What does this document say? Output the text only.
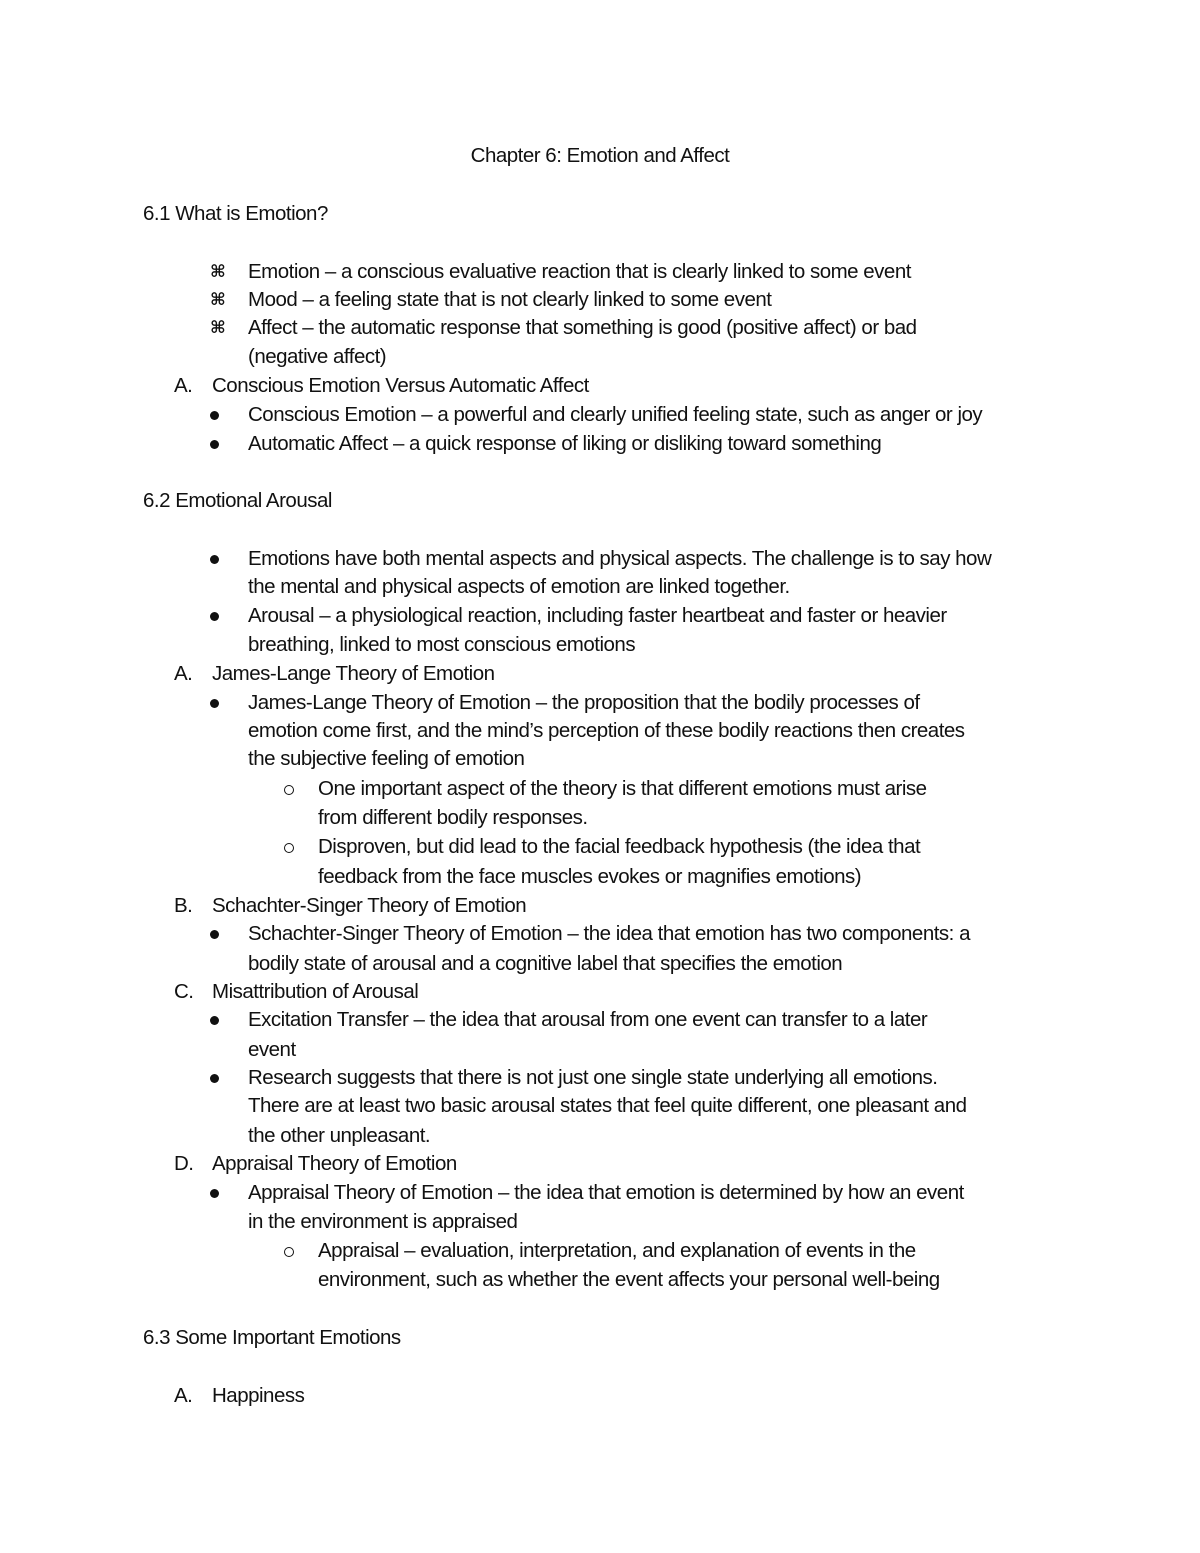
Chapter 6: Emotion and Affect
6.1 What is Emotion?
⌘ Emotion – a conscious evaluative reaction that is clearly linked to some event
⌘ Mood – a feeling state that is not clearly linked to some event
⌘ Affect – the automatic response that something is good (positive affect) or bad
(negative affect)
A. Conscious Emotion Versus Automatic Affect
Conscious Emotion – a powerful and clearly unified feeling state, such as anger or joy
Automatic Affect – a quick response of liking or disliking toward something
6.2 Emotional Arousal
Emotions have both mental aspects and physical aspects. The challenge is to say how
the mental and physical aspects of emotion are linked together.
Arousal – a physiological reaction, including faster heartbeat and faster or heavier
breathing, linked to most conscious emotions
A. James-Lange Theory of Emotion
James-Lange Theory of Emotion – the proposition that the bodily processes of
emotion come first, and the mind’s perception of these bodily reactions then creates
the subjective feeling of emotion
One important aspect of the theory is that different emotions must arise
from different bodily responses.
Disproven, but did lead to the facial feedback hypothesis (the idea that
feedback from the face muscles evokes or magnifies emotions)
B. Schachter-Singer Theory of Emotion
Schachter-Singer Theory of Emotion – the idea that emotion has two components: a
bodily state of arousal and a cognitive label that specifies the emotion
C. Misattribution of Arousal
Excitation Transfer – the idea that arousal from one event can transfer to a later
event
Research suggests that there is not just one single state underlying all emotions.
There are at least two basic arousal states that feel quite different, one pleasant and
the other unpleasant.
D. Appraisal Theory of Emotion
Appraisal Theory of Emotion – the idea that emotion is determined by how an event
in the environment is appraised
Appraisal – evaluation, interpretation, and explanation of events in the
environment, such as whether the event affects your personal well-being
6.3 Some Important Emotions
A. Happiness
